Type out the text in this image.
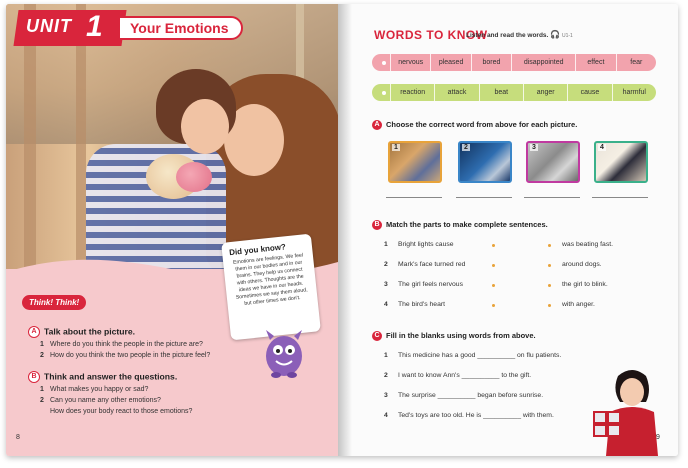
UNIT 1	Your Emotions
Did you know?

Emotions are feelings. We feel them in our bodies and in our brains. They help us connect with others. Thoughts are the ideas we have in our heads. Sometimes we say them aloud, but other times we don't.

Think! Think!
A Talk about the picture.
1 Where do you think the people in the picture are?
2 How do you think the two people in the picture feel?
B Think and answer the questions.
1 What makes you happy or sad?
2 Can you name any other emotions?
How does your body react to those emotions?
8
WORDS TO KNOW
Listen and read the words. 🎧 U1-1
nervous	pleased	bored	disappointed	effect	fear
reaction	attack	beat	anger	cause	harmful
A Choose the correct word from above for each picture.
1	2	3	4
B Match the parts to make complete sentences.
1 Bright lights cause
2 Mark's face turned red
3 The girl feels nervous
4 The bird's heart
was beating fast.
around dogs.
the girl to blink.
with anger.
C Fill in the blanks using words from above.
1 This medicine has a good __________ on flu patients.
2 I want to know Ann's __________ to the gift.
3 The surprise __________ began before sunrise.
4 Ted's toys are too old. He is __________ with them.
9
